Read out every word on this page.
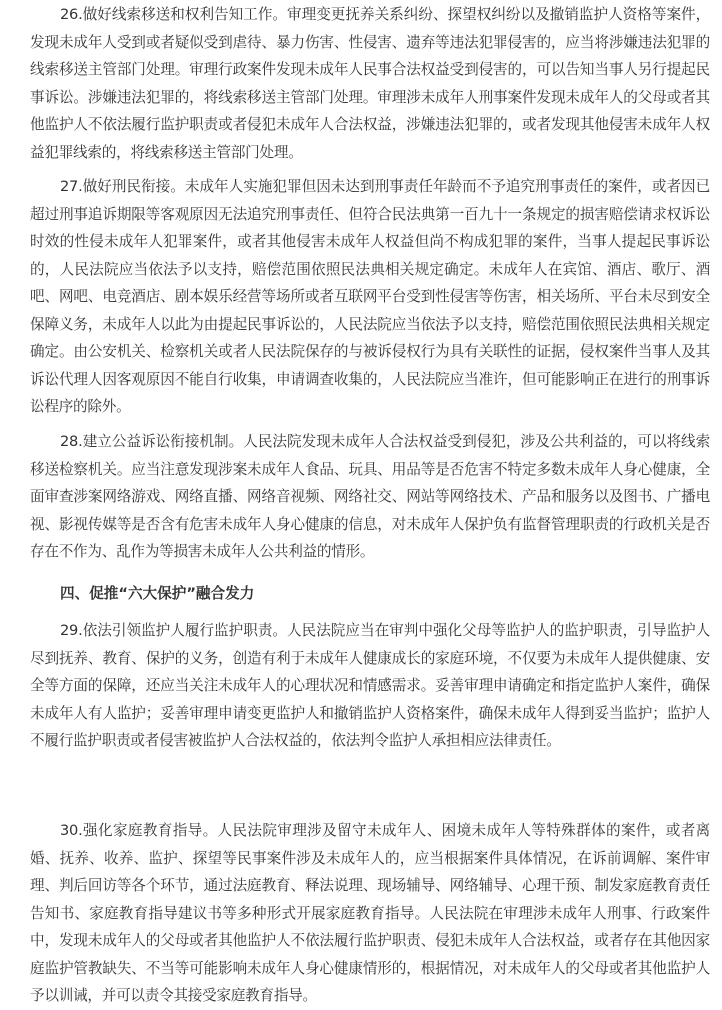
26.做好线索移送和权利告知工作。审理变更抚养关系纠纷、探望权纠纷以及撤销监护人资格等案件，发现未成年人受到或者疑似受到虐待、暴力伤害、性侵害、遗弃等违法犯罪侵害的，应当将涉嫌违法犯罪的线索移送主管部门处理。审理行政案件发现未成年人民事合法权益受到侵害的，可以告知当事人另行提起民事诉讼。涉嫌违法犯罪的，将线索移送主管部门处理。审理涉未成年人刑事案件发现未成年人的父母或者其他监护人不依法履行监护职责或者侵犯未成年人合法权益，涉嫌违法犯罪的，或者发现其他侵害未成年人权益犯罪线索的，将线索移送主管部门处理。

27.做好刑民衔接。未成年人实施犯罪但因未达到刑事责任年龄而不予追究刑事责任的案件，或者因已超过刑事追诉期限等客观原因无法追究刑事责任、但符合民法典第一百九十一条规定的损害赔偿请求权诉讼时效的性侵未成年人犯罪案件，或者其他侵害未成年人权益但尚不构成犯罪的案件，当事人提起民事诉讼的，人民法院应当依法予以支持，赔偿范围依照民法典相关规定确定。未成年人在宾馆、酒店、歌厅、酒吧、网吧、电竞酒店、剧本娱乐经营等场所或者互联网平台受到性侵害等伤害，相关场所、平台未尽到安全保障义务，未成年人以此为由提起民事诉讼的，人民法院应当依法予以支持，赔偿范围依照民法典相关规定确定。由公安机关、检察机关或者人民法院保存的与被诉侵权行为具有关联性的证据，侵权案件当事人及其诉讼代理人因客观原因不能自行收集，申请调查收集的，人民法院应当准许，但可能影响正在进行的刑事诉讼程序的除外。

28.建立公益诉讼衔接机制。人民法院发现未成年人合法权益受到侵犯，涉及公共利益的，可以将线索移送检察机关。应当注意发现涉案未成年人食品、玩具、用品等是否危害不特定多数未成年人身心健康，全面审查涉案网络游戏、网络直播、网络音视频、网络社交、网站等网络技术、产品和服务以及图书、广播电视、影视传媒等是否含有危害未成年人身心健康的信息，对未成年人保护负有监督管理职责的行政机关是否存在不作为、乱作为等损害未成年人公共利益的情形。

四、促推“六大保护”融合发力

29.依法引领监护人履行监护职责。人民法院应当在审判中强化父母等监护人的监护职责，引导监护人尽到抚养、教育、保护的义务，创造有利于未成年人健康成长的家庭环境，不仅要为未成年人提供健康、安全等方面的保障，还应当关注未成年人的心理状况和情感需求。妥善审理申请确定和指定监护人案件，确保未成年人有人监护；妥善审理申请变更监护人和撤销监护人资格案件，确保未成年人得到妥当监护；监护人不履行监护职责或者侵害被监护人合法权益的，依法判令监护人承担相应法律责任。

30.强化家庭教育指导。人民法院审理涉及留守未成年人、困境未成年人等特殊群体的案件，或者离婚、抚养、收养、监护、探望等民事案件涉及未成年人的，应当根据案件具体情况，在诉前调解、案件审理、判后回访等各个环节，通过法庭教育、释法说理、现场辅导、网络辅导、心理干预、制发家庭教育责任告知书、家庭教育指导建议书等多种形式开展家庭教育指导。人民法院在审理涉未成年人刑事、行政案件中，发现未成年人的父母或者其他监护人不依法履行监护职责、侵犯未成年人合法权益，或者存在其他因家庭监护管教缺失、不当等可能影响未成年人身心健康情形的，根据情况，对未成年人的父母或者其他监护人予以训诫，并可以责令其接受家庭教育指导。
